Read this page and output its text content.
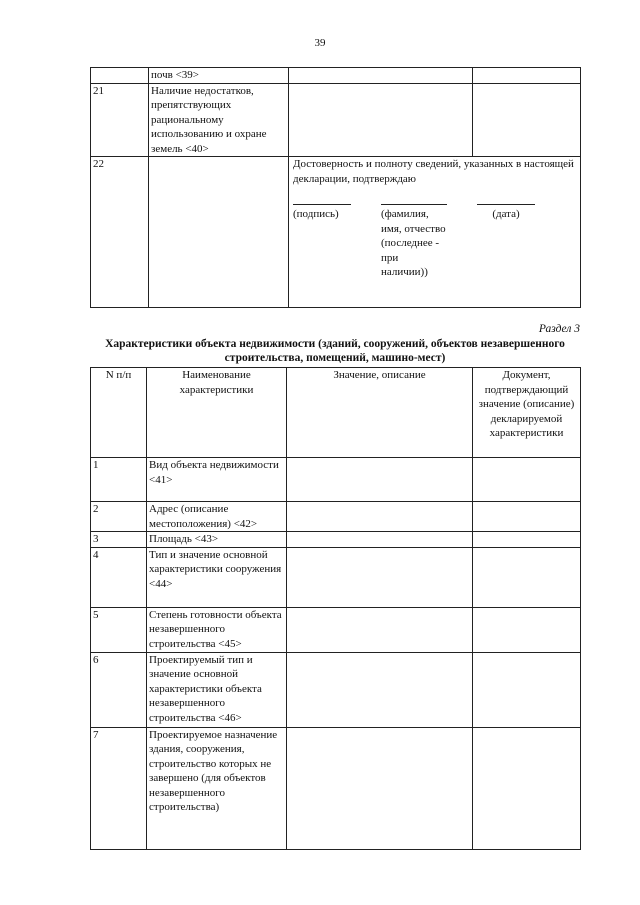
39
	почв <39>		
21	Наличие недостатков, препятствующих рациональному использованию и охране земель <40>		
22		Достоверность и полноту сведений, указанных в настоящей декларации, подтверждаю
(подпись) (фамилия, имя, отчество (последнее - при наличии))
(дата)	
Раздел 3
Характеристики объекта недвижимости (зданий, сооружений, объектов незавершенного строительства, помещений, машино-мест)
N п/п	Наименование характеристики	Значение, описание	Документ, подтверждающий значение (описание) декларируемой характеристики
1	Вид объекта недвижимости <41>		
2	Адрес (описание местоположения) <42>		
3	Площадь <43>		
4	Тип и значение основной характеристики сооружения <44>		
5	Степень готовности объекта незавершенного строительства <45>		
6	Проектируемый тип и значение основной характеристики объекта незавершенного строительства <46>		
7	Проектируемое назначение здания, сооружения, строительство которых не завершено (для объектов незавершенного строительства)		
